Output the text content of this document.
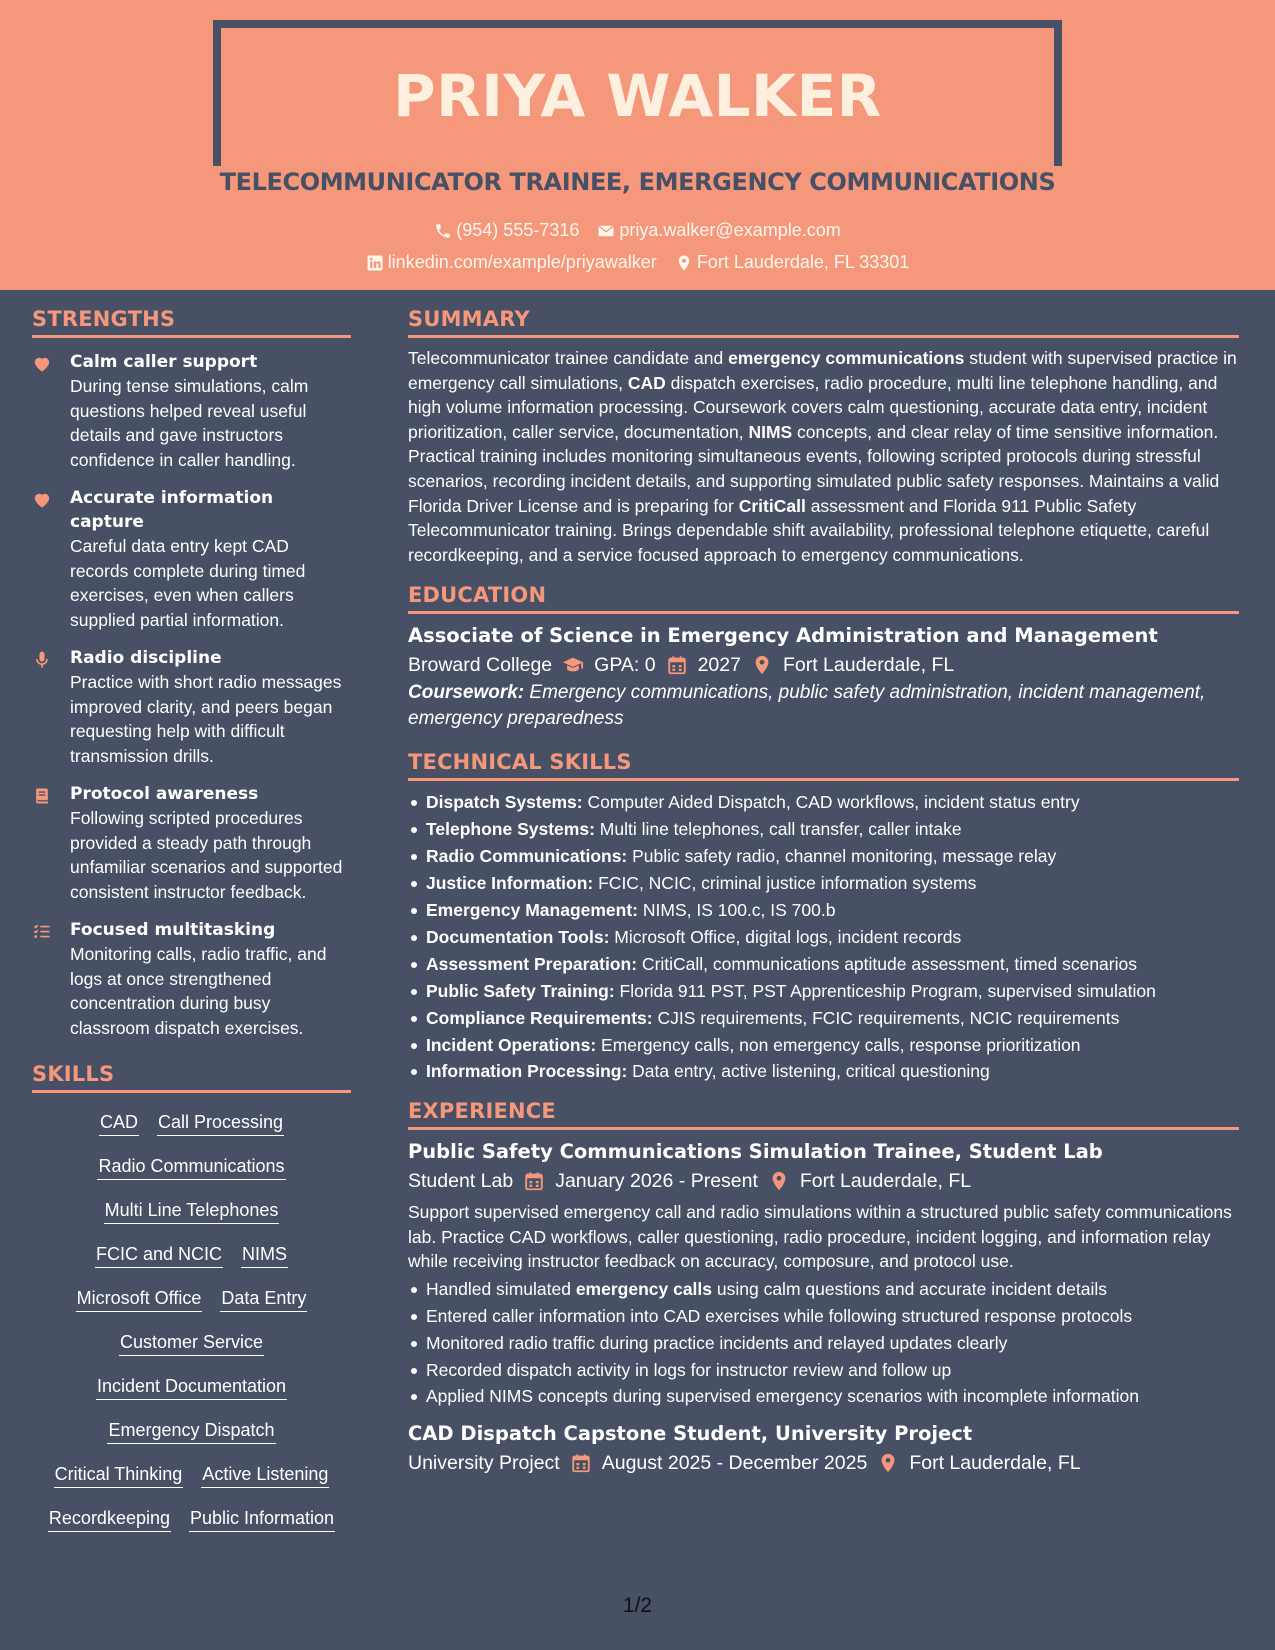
PRIYA WALKER
TELECOMMUNICATOR TRAINEE, EMERGENCY COMMUNICATIONS
(954) 555-7316 priya.walker@example.com
linkedin.com/example/priyawalker Fort Lauderdale, FL 33301
STRENGTHS
Calm caller support
During tense simulations, calm questions helped reveal useful details and gave instructors confidence in caller handling.
Accurate information capture
Careful data entry kept CAD records complete during timed exercises, even when callers supplied partial information.
Radio discipline
Practice with short radio messages improved clarity, and peers began requesting help with difficult transmission drills.
Protocol awareness
Following scripted procedures provided a steady path through unfamiliar scenarios and supported consistent instructor feedback.
Focused multitasking
Monitoring calls, radio traffic, and logs at once strengthened concentration during busy classroom dispatch exercises.
SKILLS
CAD Call Processing
Radio Communications
Multi Line Telephones
FCIC and NCIC NIMS
Microsoft Office Data Entry
Customer Service
Incident Documentation
Emergency Dispatch
Critical Thinking Active Listening
Recordkeeping Public Information
SUMMARY
Telecommunicator trainee candidate and emergency communications student with supervised practice in emergency call simulations, CAD dispatch exercises, radio procedure, multi line telephone handling, and high volume information processing. Coursework covers calm questioning, accurate data entry, incident prioritization, caller service, documentation, NIMS concepts, and clear relay of time sensitive information. Practical training includes monitoring simultaneous events, following scripted protocols during stressful scenarios, recording incident details, and supporting simulated public safety responses. Maintains a valid Florida Driver License and is preparing for CritiCall assessment and Florida 911 Public Safety Telecommunicator training. Brings dependable shift availability, professional telephone etiquette, careful recordkeeping, and a service focused approach to emergency communications.
EDUCATION
Associate of Science in Emergency Administration and Management
Broward College GPA: 0 2027 Fort Lauderdale, FL
Coursework: Emergency communications, public safety administration, incident management, emergency preparedness
TECHNICAL SKILLS
Dispatch Systems: Computer Aided Dispatch, CAD workflows, incident status entry
Telephone Systems: Multi line telephones, call transfer, caller intake
Radio Communications: Public safety radio, channel monitoring, message relay
Justice Information: FCIC, NCIC, criminal justice information systems
Emergency Management: NIMS, IS 100.c, IS 700.b
Documentation Tools: Microsoft Office, digital logs, incident records
Assessment Preparation: CritiCall, communications aptitude assessment, timed scenarios
Public Safety Training: Florida 911 PST, PST Apprenticeship Program, supervised simulation
Compliance Requirements: CJIS requirements, FCIC requirements, NCIC requirements
Incident Operations: Emergency calls, non emergency calls, response prioritization
Information Processing: Data entry, active listening, critical questioning
EXPERIENCE
Public Safety Communications Simulation Trainee, Student Lab
Student Lab January 2026 - Present Fort Lauderdale, FL
Support supervised emergency call and radio simulations within a structured public safety communications lab. Practice CAD workflows, caller questioning, radio procedure, incident logging, and information relay while receiving instructor feedback on accuracy, composure, and protocol use.
Handled simulated emergency calls using calm questions and accurate incident details
Entered caller information into CAD exercises while following structured response protocols
Monitored radio traffic during practice incidents and relayed updates clearly
Recorded dispatch activity in logs for instructor review and follow up
Applied NIMS concepts during supervised emergency scenarios with incomplete information
CAD Dispatch Capstone Student, University Project
University Project August 2025 - December 2025 Fort Lauderdale, FL
1/2
